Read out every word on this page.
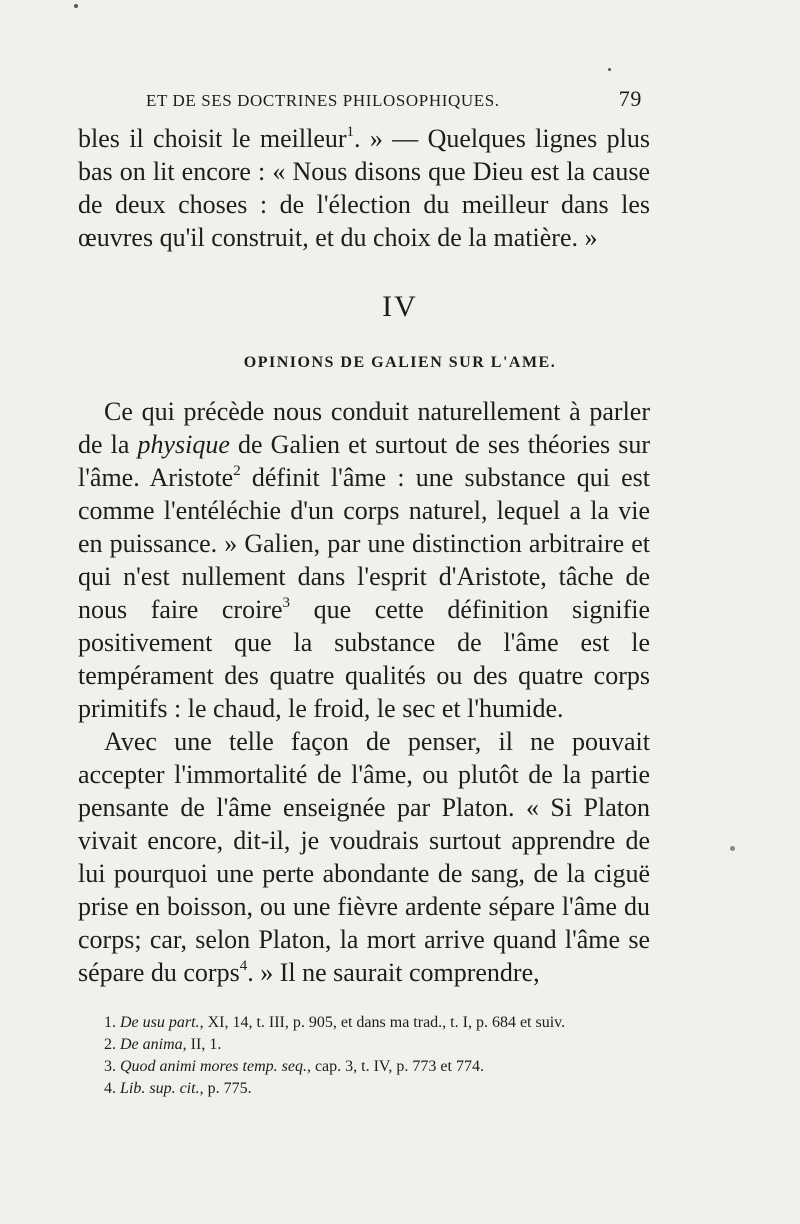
ET DE SES DOCTRINES PHILOSOPHIQUES.	79

bles il choisit le meilleur$^1$. » — Quelques lignes plus bas on lit encore : « Nous disons que Dieu est la cause de deux choses : de l'élection du meilleur dans les œuvres qu'il construit, et du choix de la matière. »

IV
OPINIONS DE GALIEN SUR L'AME.

Ce qui précède nous conduit naturellement à parler de la physique de Galien et surtout de ses théories sur l'âme. Aristote$^2$ définit l'âme : une substance qui est comme l'entéléchie d'un corps naturel, lequel a la vie en puissance. » Galien, par une distinction arbitraire et qui n'est nullement dans l'esprit d'Aristote, tâche de nous faire croire$^3$ que cette définition signifie positivement que la substance de l'âme est le tempérament des quatre qualités ou des quatre corps primitifs : le chaud, le froid, le sec et l'humide.

Avec une telle façon de penser, il ne pouvait accepter l'immortalité de l'âme, ou plutôt de la partie pensante de l'âme enseignée par Platon. « Si Platon vivait encore, dit-il, je voudrais surtout apprendre de lui pourquoi une perte abondante de sang, de la ciguë prise en boisson, ou une fièvre ardente sépare l'âme du corps; car, selon Platon, la mort arrive quand l'âme se sépare du corps$^4$. » Il ne saurait comprendre,

1. De usu part., XI, 14, t. III, p. 905, et dans ma trad., t. I, p. 684 et suiv.
2. De anima, II, 1.
3. Quod animi mores temp. seq., cap. 3, t. IV, p. 773 et 774.
4. Lib. sup. cit., p. 775.
